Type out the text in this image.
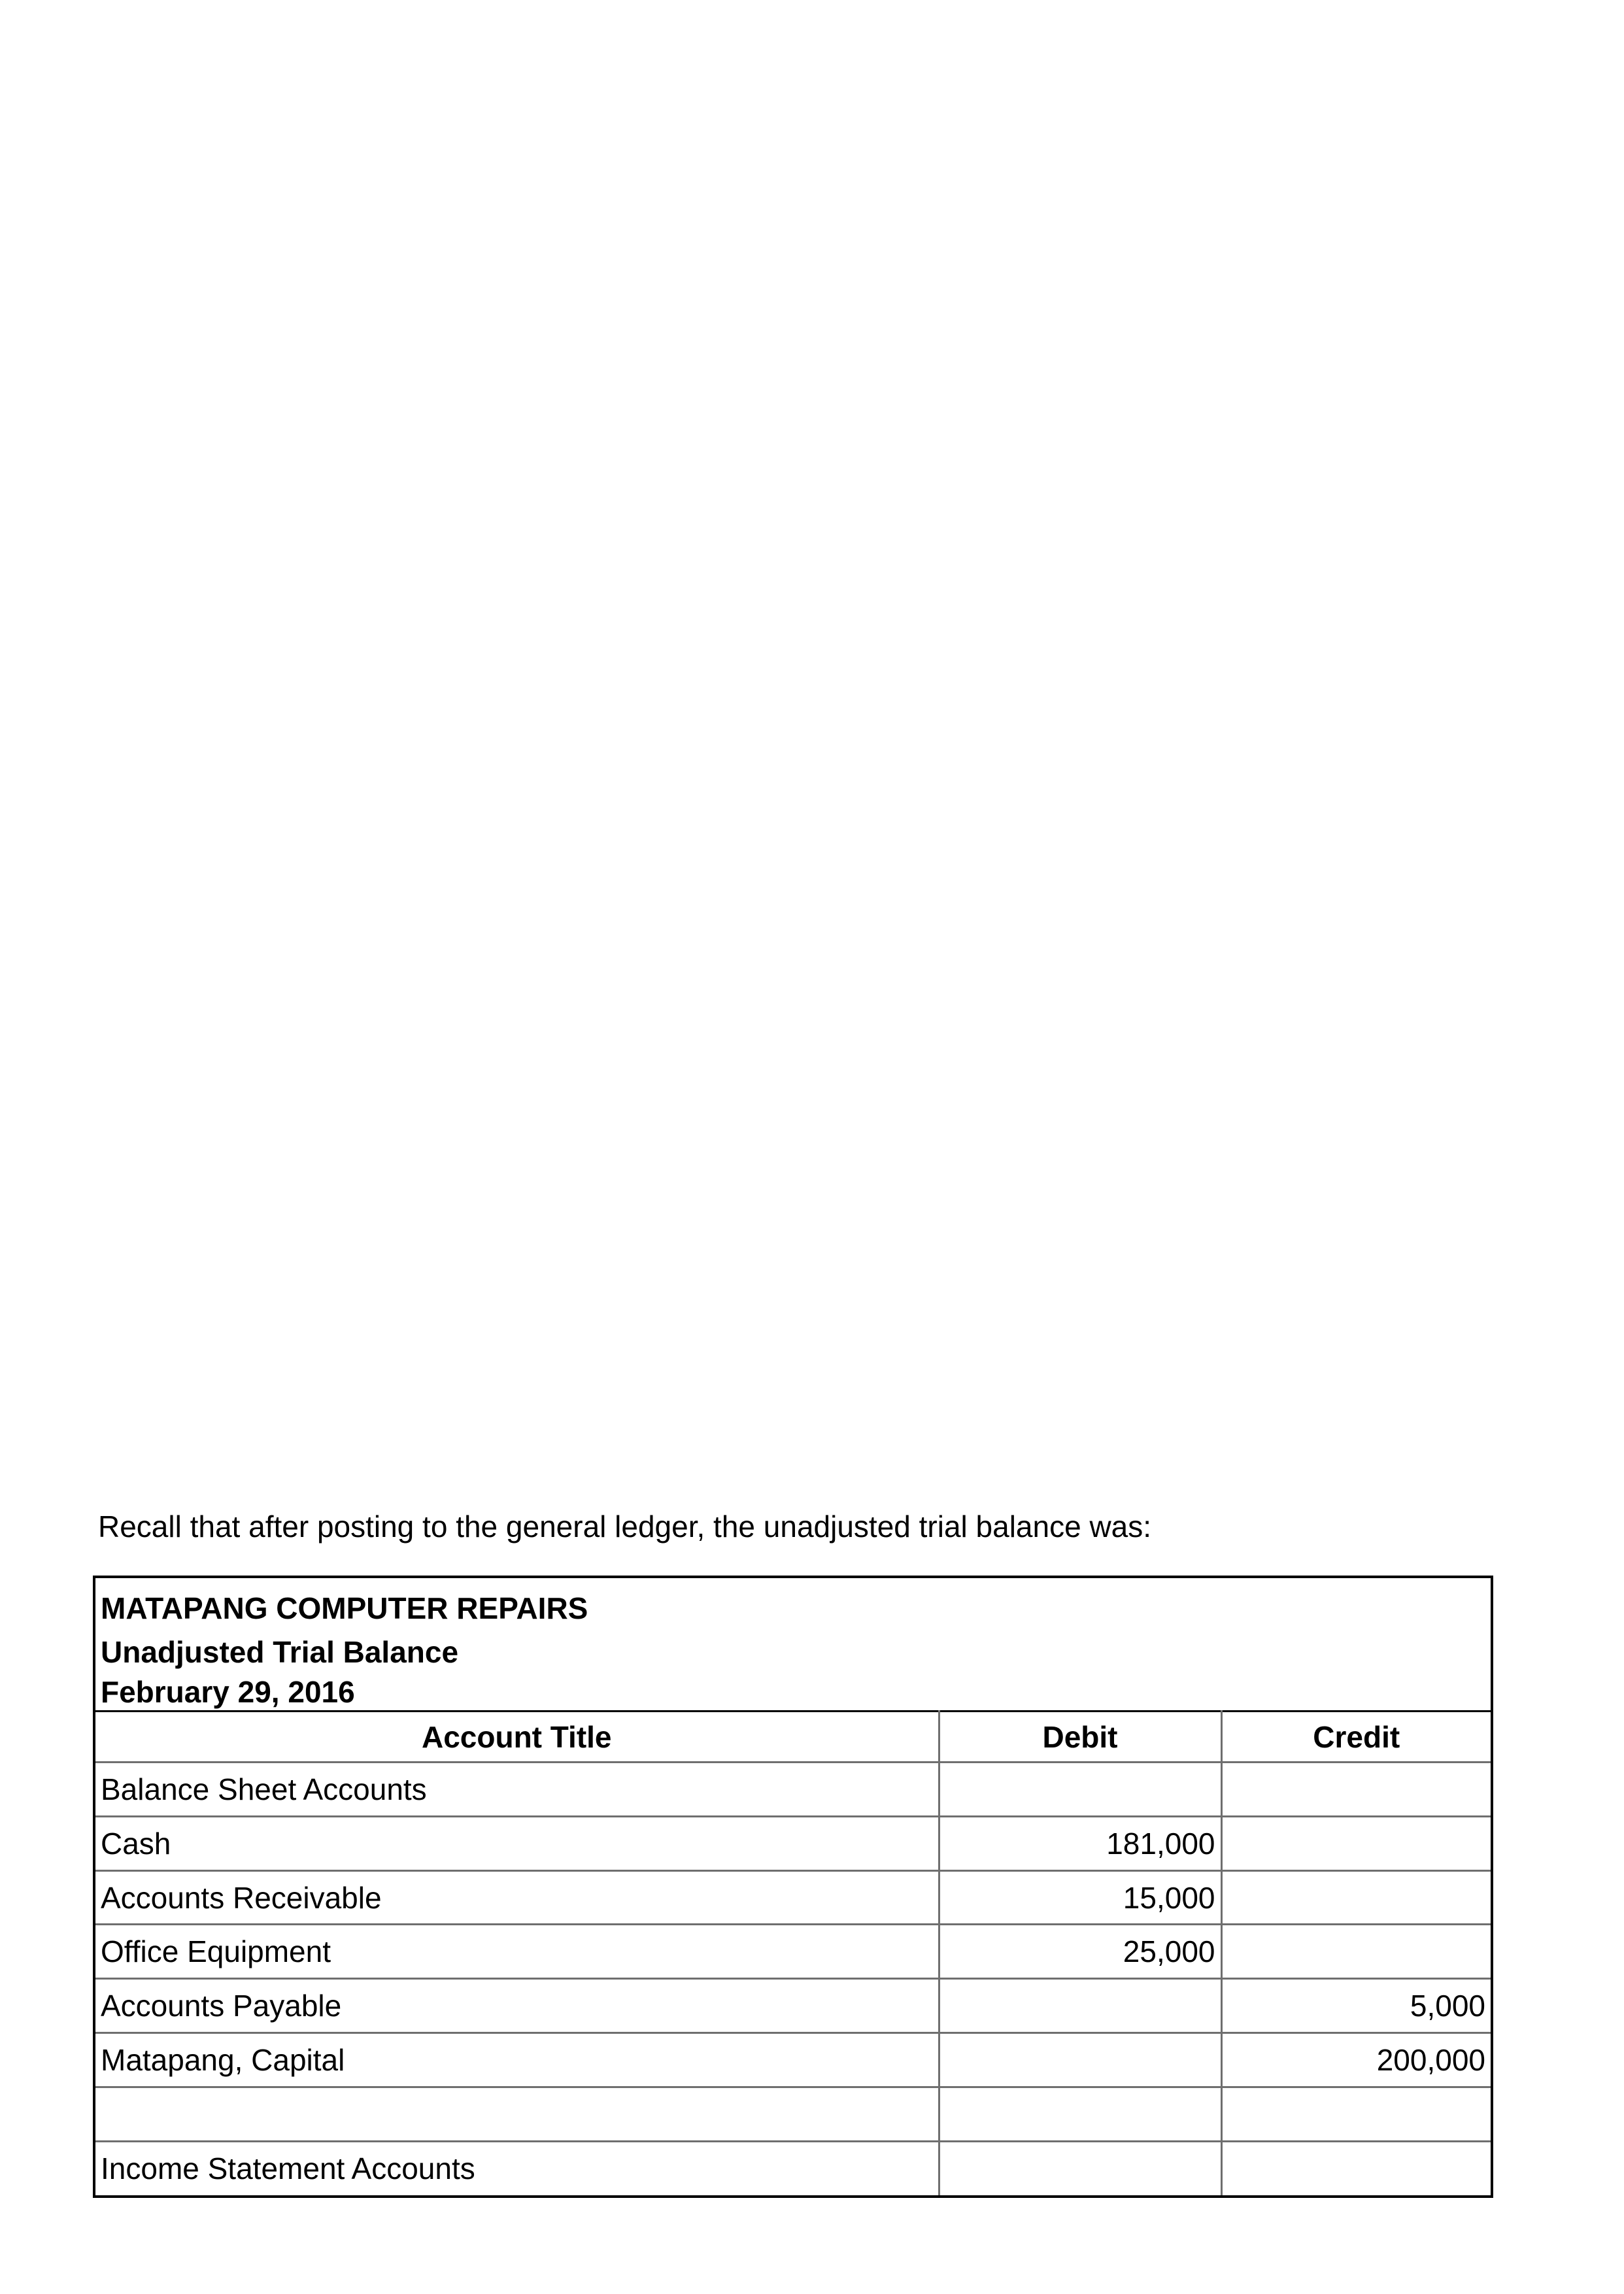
Recall that after posting to the general ledger, the unadjusted trial balance was:
MATAPANG COMPUTER REPAIRS
Unadjusted Trial Balance
February 29, 2016
Account Title	Debit	Credit
Balance Sheet Accounts		
Cash	181,000	
Accounts Receivable	15,000	
Office Equipment	25,000	
Accounts Payable		5,000
Matapang, Capital		200,000

Income Statement Accounts		
